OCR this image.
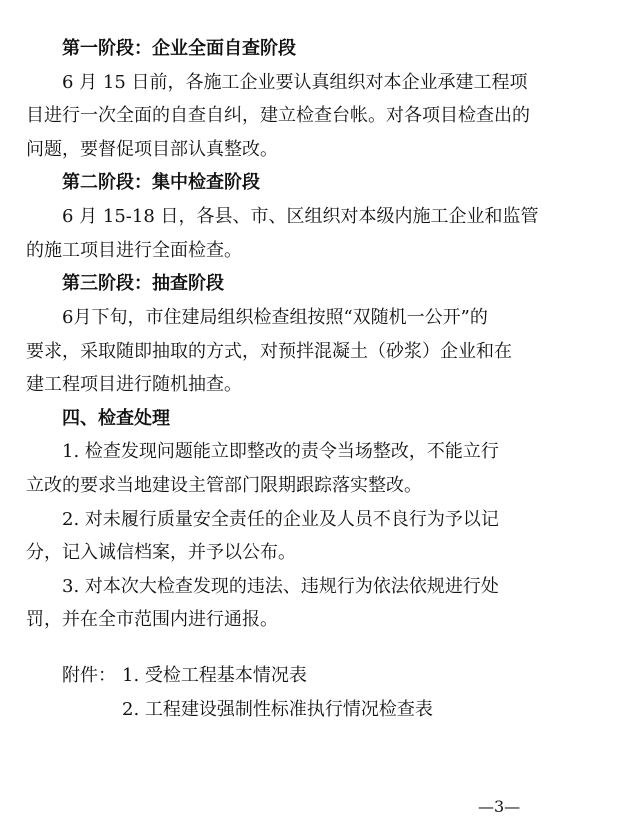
第一阶段：企业全面自查阶段
6 月 15 日前，各施工企业要认真组织对本企业承建工程项
目进行一次全面的自查自纠，建立检查台帐。对各项目检查出的
问题，要督促项目部认真整改。
第二阶段：集中检查阶段
6 月 15-18 日，各县、市、区组织对本级内施工企业和监管
的施工项目进行全面检查。
第三阶段：抽查阶段
6月下旬，市住建局组织检查组按照“双随机一公开”的
要求，采取随即抽取的方式，对预拌混凝土（砂浆）企业和在
建工程项目进行随机抽查。
四、检查处理
1. 检查发现问题能立即整改的责令当场整改，不能立行
立改的要求当地建设主管部门限期跟踪落实整改。
2. 对未履行质量安全责任的企业及人员不良行为予以记
分，记入诚信档案，并予以公布。
3. 对本次大检查发现的违法、违规行为依法依规进行处
罚，并在全市范围内进行通报。
附件： 1. 受检工程基本情况表
2. 工程建设强制性标准执行情况检查表
—3—
